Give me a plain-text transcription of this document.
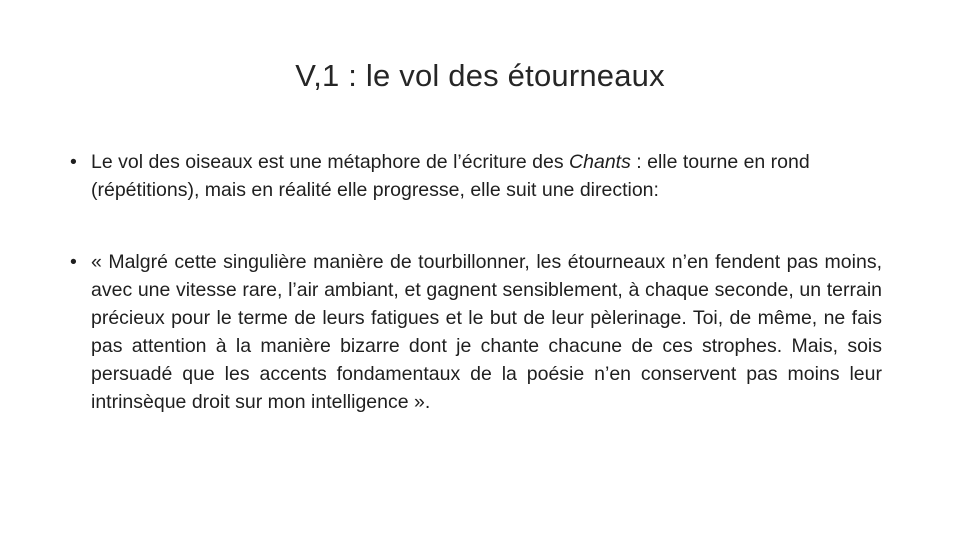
V,1 : le vol des étourneaux
• Le vol des oiseaux est une métaphore de l’écriture des Chants : elle tourne en rond (répétitions), mais en réalité elle progresse, elle suit une direction:
• « Malgré cette singulière manière de tourbillonner, les étourneaux n’en fendent pas moins, avec une vitesse rare, l’air ambiant, et gagnent sensiblement, à chaque seconde, un terrain précieux pour le terme de leurs fatigues et le but de leur pèlerinage. Toi, de même, ne fais pas attention à la manière bizarre dont je chante chacune de ces strophes. Mais, sois persuadé que les accents fondamentaux de la poésie n’en conservent pas moins leur intrinsèque droit sur mon intelligence ».
